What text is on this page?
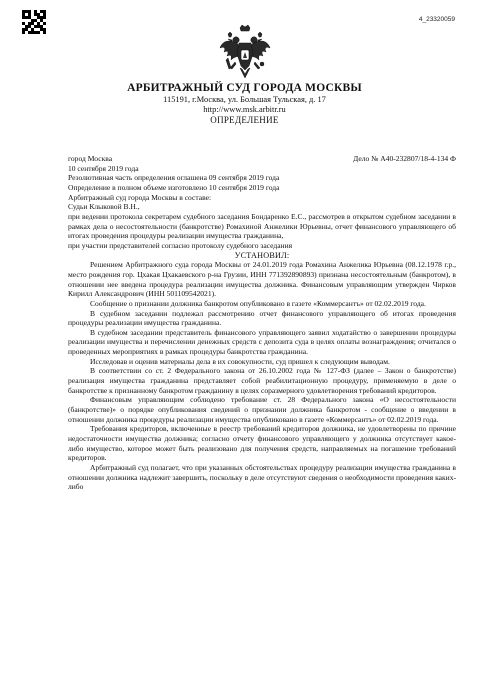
4_23320059
АРБИТРАЖНЫЙ СУД ГОРОДА МОСКВЫ
115191, г.Москва, ул. Большая Тульская, д. 17
http://www.msk.arbitr.ru
ОПРЕДЕЛЕНИЕ
город Москва	Дело № А40-232807/18-4-134 Ф
10 сентября 2019 года
Резолютивная часть определения оглашена 09 сентября 2019 года
Определение в полном объеме изготовлено 10 сентября 2019 года
Арбитражный суд города Москвы в составе:
Судьи Клыковой В.Н.,

при ведении протокола секретарем судебного заседания Бондаренко Е.С., рассмотрев в открытом судебном заседании в рамках дела о несостоятельности (банкротстве) Ромахиной Анжелики Юрьевны, отчет финансового управляющего об итогах проведения процедуры реализации имущества гражданина,

при участии представителей согласно протоколу судебного заседания
УСТАНОВИЛ:

Решением Арбитражного суда города Москвы от 24.01.2019 года Ромахина Анжелика Юрьевна (08.12.1978 г.р., место рождения гор. Цхакая Цхакаевского р-на Грузии, ИНН 771392890893) признана несостоятельным (банкротом), в отношении нее введена процедура реализации имущества должника. Финансовым управляющим утвержден Чирков Кирилл Александрович (ИНН 501109542021).

Сообщение о признании должника банкротом опубликовано в газете «Коммерсантъ» от 02.02.2019 года.

В судебном заседании подлежал рассмотрению отчет финансового управляющего об итогах проведения процедуры реализации имущества гражданина.

В судебном заседании представитель финансового управляющего заявил ходатайство о завершении процедуры реализации имущества и перечислении денежных средств с депозита суда в целях оплаты вознаграждения; отчитался о проведенных мероприятиях в рамках процедуры банкротства гражданина.

Исследовав и оценив материалы дела в их совокупности, суд пришел к следующим выводам.

В соответствии со ст. 2 Федерального закона от 26.10.2002 года № 127-ФЗ (далее – Закон о банкротстве) реализация имущества гражданина представляет собой реабилитационную процедуру, применяемую в деле о банкротстве к признанному банкротом гражданину в целях соразмерного удовлетворения требований кредиторов.

Финансовым управляющим соблюдено требование ст. 28 Федерального закона «О несостоятельности (банкротстве)» о порядке опубликования сведений о признании должника банкротом - сообщение о введении в отношении должника процедуры реализации имущества опубликовано в газете «Коммерсантъ» от 02.02.2019 года.

Требования кредиторов, включенные в реестр требований кредиторов должника, не удовлетворены по причине недостаточности имущества должника; согласно отчету финансового управляющего у должника отсутствует какое-либо имущество, которое может быть реализовано для получения средств, направляемых на погашение требований кредиторов.

Арбитражный суд полагает, что при указанных обстоятельствах процедуру реализации имущества гражданина в отношении должника надлежит завершить, поскольку в деле отсутствуют сведения о необходимости проведения каких-либо
